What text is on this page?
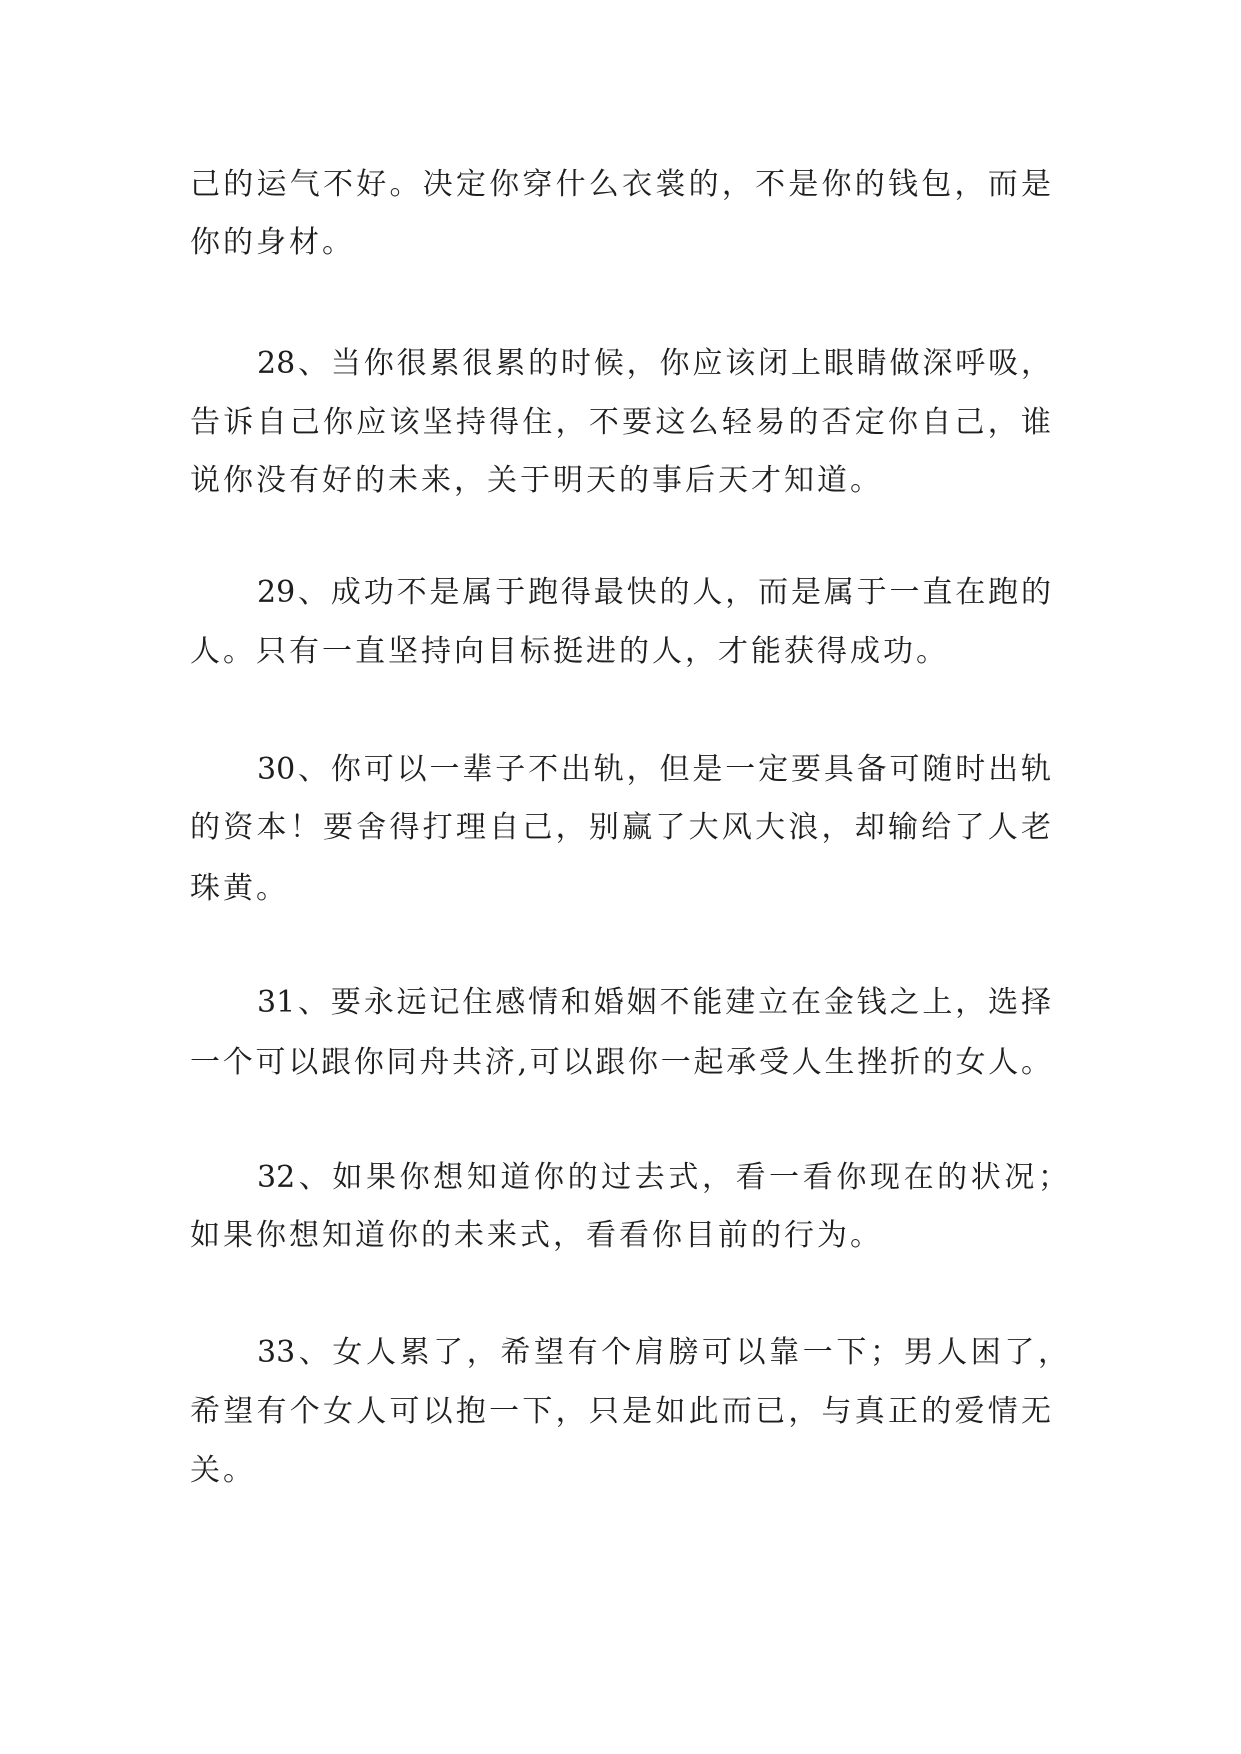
己的运气不好。决定你穿什么衣裳的，不是你的钱包，而是
你的身材。
28、当你很累很累的时候，你应该闭上眼睛做深呼吸，
告诉自己你应该坚持得住，不要这么轻易的否定你自己，谁
说你没有好的未来，关于明天的事后天才知道。
29、成功不是属于跑得最快的人，而是属于一直在跑的
人。只有一直坚持向目标挺进的人，才能获得成功。
30、你可以一辈子不出轨，但是一定要具备可随时出轨
的资本！要舍得打理自己，别赢了大风大浪，却输给了人老
珠黄。
31、要永远记住感情和婚姻不能建立在金钱之上，选择
一个可以跟你同舟共济,可以跟你一起承受人生挫折的女人。
32、如果你想知道你的过去式，看一看你现在的状况；
如果你想知道你的未来式，看看你目前的行为。
33、女人累了，希望有个肩膀可以靠一下；男人困了，
希望有个女人可以抱一下，只是如此而已，与真正的爱情无
关。
